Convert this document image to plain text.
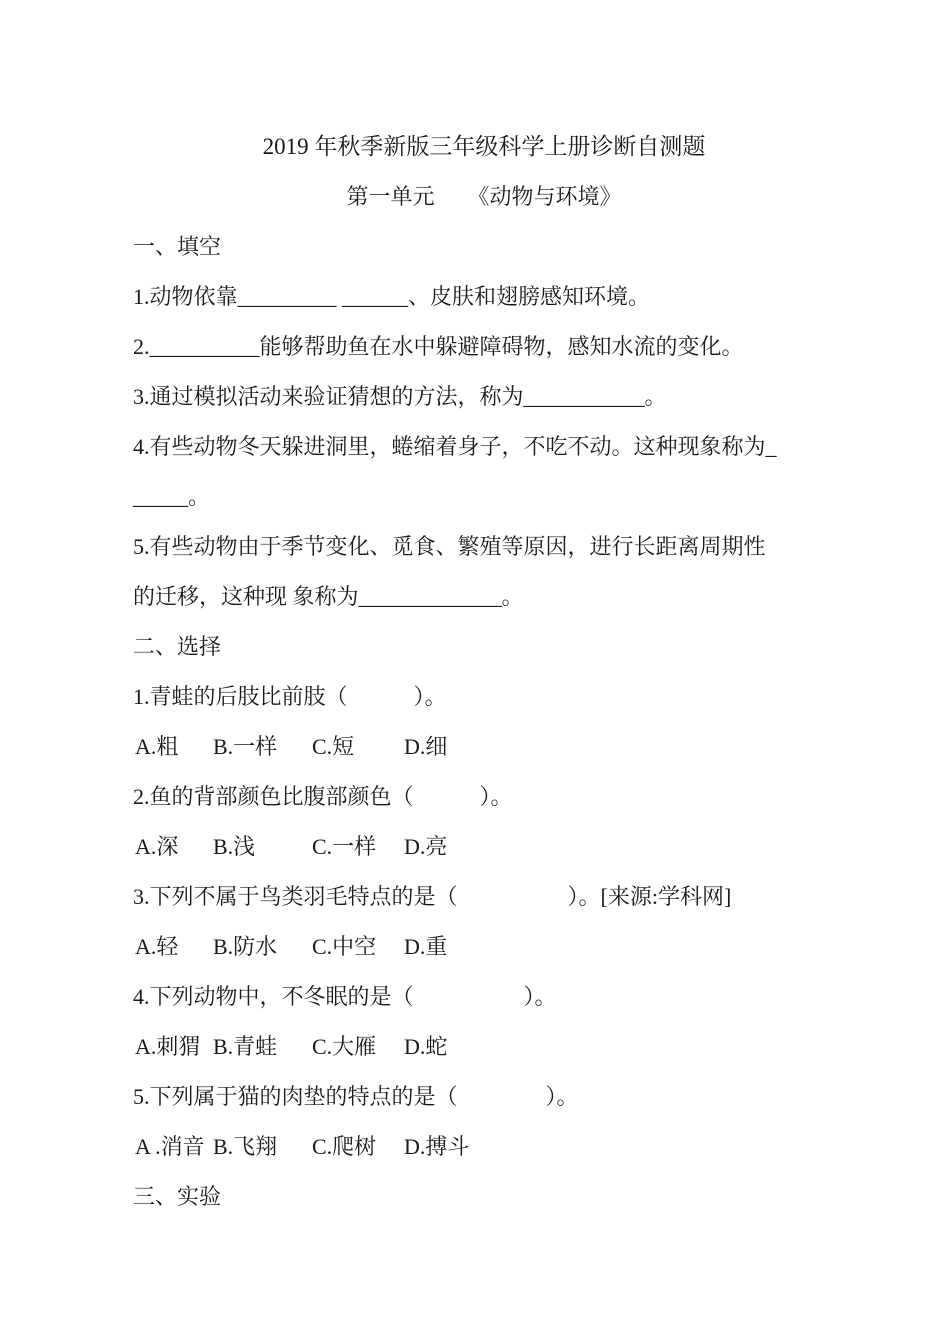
2019 年秋季新版三年级科学上册诊断自测题
第一单元　　《动物与环境》
一、填空
1.动物依靠_________ ______、皮肤和翅膀感知环境。
2.__________能够帮助鱼在水中躲避障碍物，感知水流的变化。
3.通过模拟活动来验证猜想的方法，称为___________。
4.有些动物冬天躲进洞里，蜷缩着身子，不吃不动。这种现象称为_
_____。
5.有些动物由于季节变化、觅食、繁殖等原因，进行长距离周期性
的迁移，这种现 象称为_____________。
二、选择
1.青蛙的后肢比前肢（　　　）。

A.粗

B.一样

C.短

D.细

2.鱼的背部颜色比腹部颜色（　　　）。

A.深

B.浅

	C.一样

D.亮

3.下列不属于鸟类羽毛特点的是（　　　　　）。[来源:学科网]

A.轻

B.防水

C.中空

D.重

4.下列动物中，不冬眠的是（　　　　　）。

A.刺猬

B.青蛙

C.大雁

D.蛇

5.下列属于猫的肉垫的特点的是（　　　　）。

A .消音

B.飞翔

C.爬树

D.搏斗

三、实验
